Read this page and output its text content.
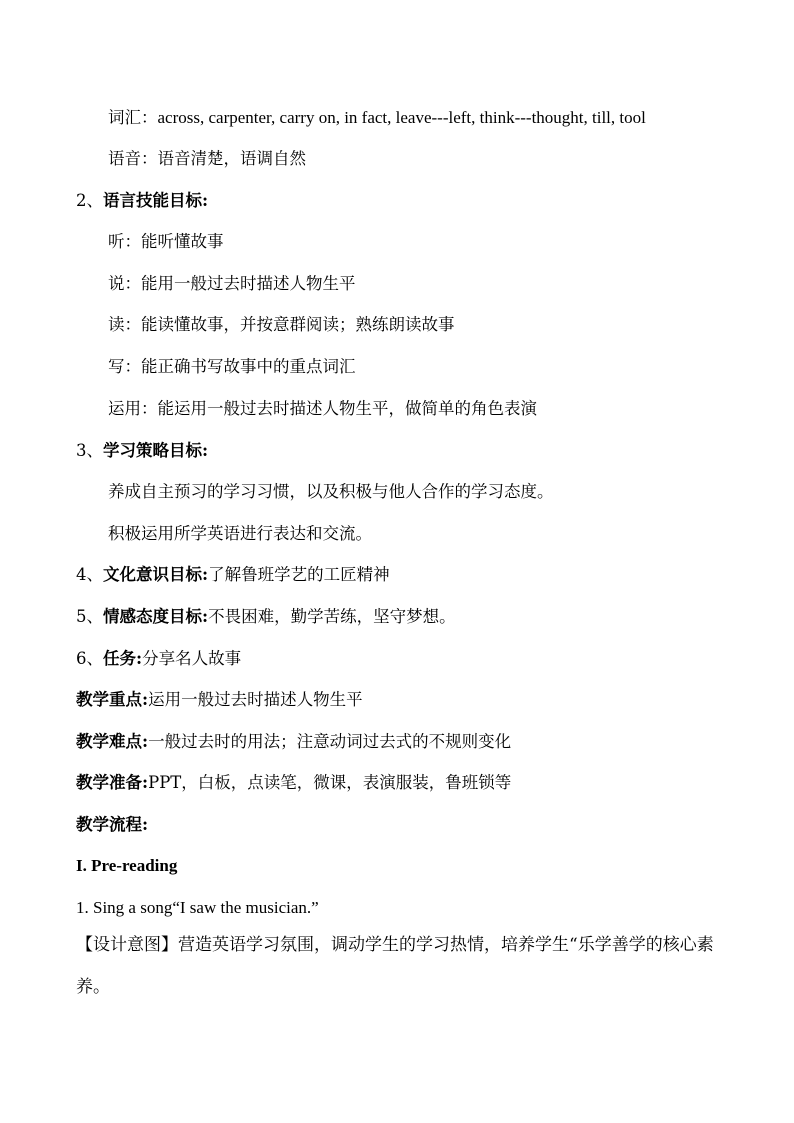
词汇：across, carpenter, carry on, in fact, leave---left, think---thought, till, tool
语音：语音清楚，语调自然
2、语言技能目标:
听：能听懂故事
说：能用一般过去时描述人物生平
读：能读懂故事，并按意群阅读；熟练朗读故事
写：能正确书写故事中的重点词汇
运用：能运用一般过去时描述人物生平，做简单的角色表演
3、学习策略目标:
养成自主预习的学习习惯，以及积极与他人合作的学习态度。
积极运用所学英语进行表达和交流。
4、文化意识目标:了解鲁班学艺的工匠精神
5、情感态度目标:不畏困难，勤学苦练，坚守梦想。
6、任务:分享名人故事
教学重点:运用一般过去时描述人物生平
教学难点:一般过去时的用法；注意动词过去式的不规则变化
教学准备:PPT，白板，点读笔，微课，表演服装，鲁班锁等
教学流程:
I. Pre-reading
1. Sing a song“I saw the musician.”
【设计意图】营造英语学习氛围，调动学生的学习热情，培养学生“乐学善学的核心素养。
